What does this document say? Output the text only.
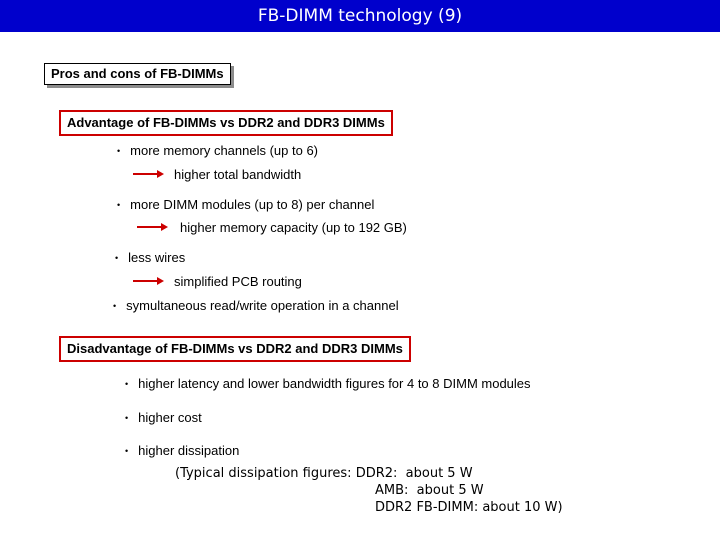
FB-DIMM technology (9)
Pros and cons of FB-DIMMs
Advantage of FB-DIMMs vs DDR2 and DDR3 DIMMs
• more memory channels (up to 6)
higher total bandwidth
• more DIMM modules (up to 8) per channel
higher memory capacity (up to 192 GB)
• less wires
simplified PCB routing
• symultaneous read/write operation in a channel
Disadvantage of FB-DIMMs vs DDR2 and DDR3 DIMMs
• higher latency and lower bandwidth figures for 4 to 8 DIMM modules
• higher cost
• higher dissipation
(Typical dissipation figures: DDR2:  about 5 W
AMB:  about 5 W
DDR2 FB-DIMM: about 10 W)
